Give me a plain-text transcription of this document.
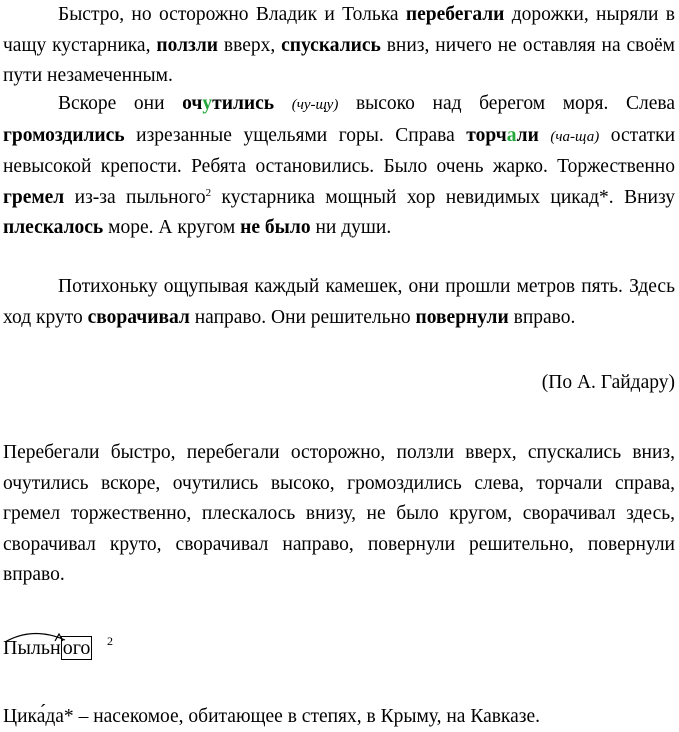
Быстро, но осторожно Владик и Толька перебегали дорожки, ныряли в чащу кустарника, ползли вверх, спускались вниз, ничего не оставляя на своём пути незамеченным.

Вскоре они очутились (чу-щу) высоко над берегом моря. Слева громоздились изрезанные ущельями горы. Справа торчали (ча-ща) остатки невысокой крепости. Ребята остановились. Было очень жарко. Торжественно гремел из-за пыльного$^2$ кустарника мощный хор невидимых цикад*. Внизу плескалось море. А кругом не было ни души.

Потихоньку ощупывая каждый камешек, они прошли метров пять. Здесь ход круто сворачивал направо. Они решительно повернули вправо.

(По А. Гайдару)

Перебегали быстро, перебегали осторожно, ползли вверх, спускались вниз, очутились вскоре, очутились высоко, громоздились слева, торчали справа, гремел торжественно, плескалось внизу, не было кругом, сворачивал здесь, сворачивал круто, сворачивал направо, повернули решительно, повернули вправо.

Пыльн ого 2
Цикада* – насекомое, обитающее в степях, в Крыму, на Кавказе.
